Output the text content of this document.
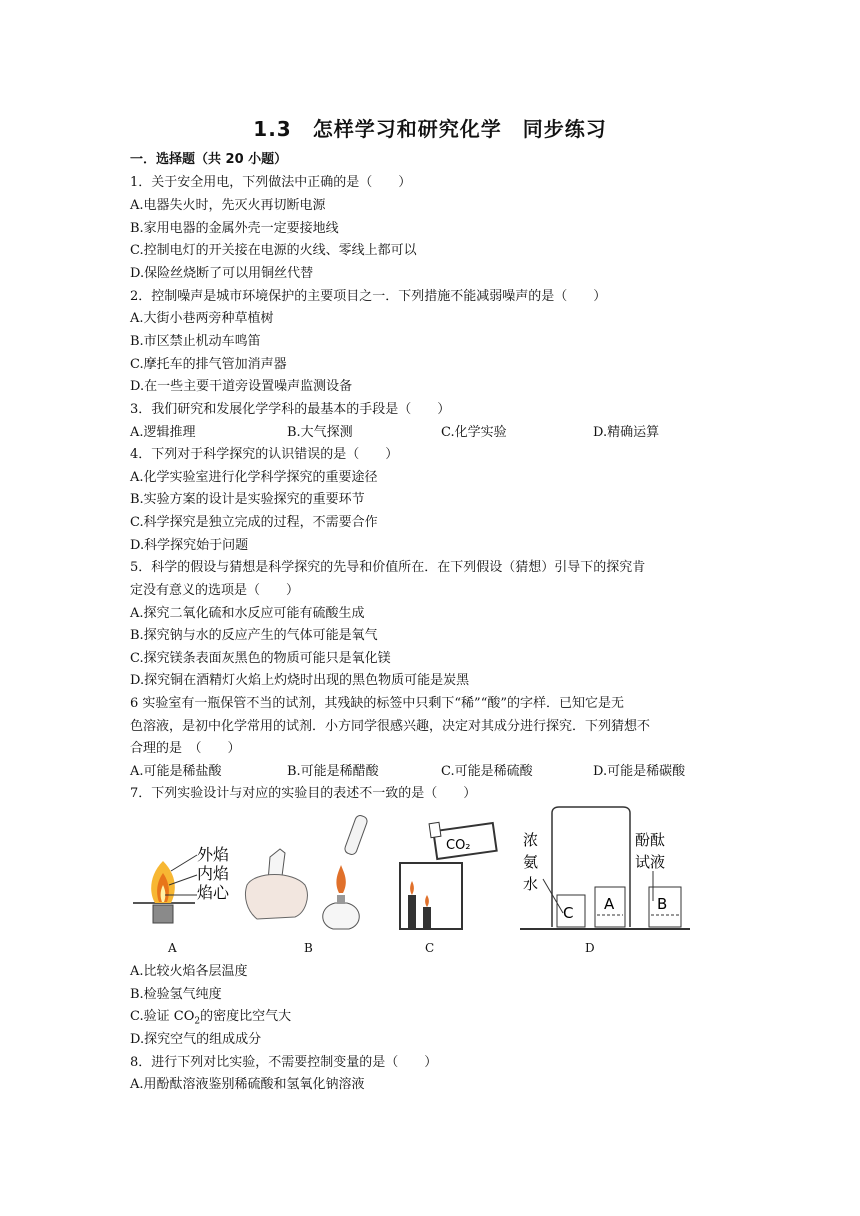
1.3　怎样学习和研究化学　同步练习
一．选择题（共 20 小题）
1．关于安全用电，下列做法中正确的是（　　）
A.电器失火时，先灭火再切断电源
B.家用电器的金属外壳一定要接地线
C.控制电灯的开关接在电源的火线、零线上都可以
D.保险丝烧断了可以用铜丝代替
2．控制噪声是城市环境保护的主要项目之一．下列措施不能减弱噪声的是（　　）
A.大街小巷两旁种草植树
B.市区禁止机动车鸣笛
C.摩托车的排气管加消声器
D.在一些主要干道旁设置噪声监测设备
3．我们研究和发展化学学科的最基本的手段是（　　）
A.逻辑推理	B.大气探测	C.化学实验	D.精确运算
4．下列对于科学探究的认识错误的是（　　）
A.化学实验室进行化学科学探究的重要途径
B.实验方案的设计是实验探究的重要环节
C.科学探究是独立完成的过程，不需要合作
D.科学探究始于问题
5．科学的假设与猜想是科学探究的先导和价值所在．在下列假设（猜想）引导下的探究肯
定没有意义的选项是（　　）
A.探究二氧化硫和水反应可能有硫酸生成
B.探究钠与水的反应产生的气体可能是氧气
C.探究镁条表面灰黑色的物质可能只是氧化镁
D.探究铜在酒精灯火焰上灼烧时出现的黑色物质可能是炭黑
6 实验室有一瓶保管不当的试剂，其残缺的标签中只剩下“稀”“酸”的字样．已知它是无
色溶液，是初中化学常用的试剂．小方同学很感兴趣，决定对其成分进行探究．下列猜想不
合理的是　（　　）
A.可能是稀盐酸	B.可能是稀醋酸	C.可能是稀硫酸	D.可能是稀碳酸
7．下列实验设计与对应的实验目的表述不一致的是（　　）
外焰
内焰
焰心
CO₂
C A	B
浓
氨
水
酚酞
试液
A	B	C	D
A.比较火焰各层温度
B.检验氢气纯度
C.验证 $CO_2$的密度比空气大
D.探究空气的组成成分
8．进行下列对比实验，不需要控制变量的是（　　）
A.用酚酞溶液鉴别稀硫酸和氢氧化钠溶液
